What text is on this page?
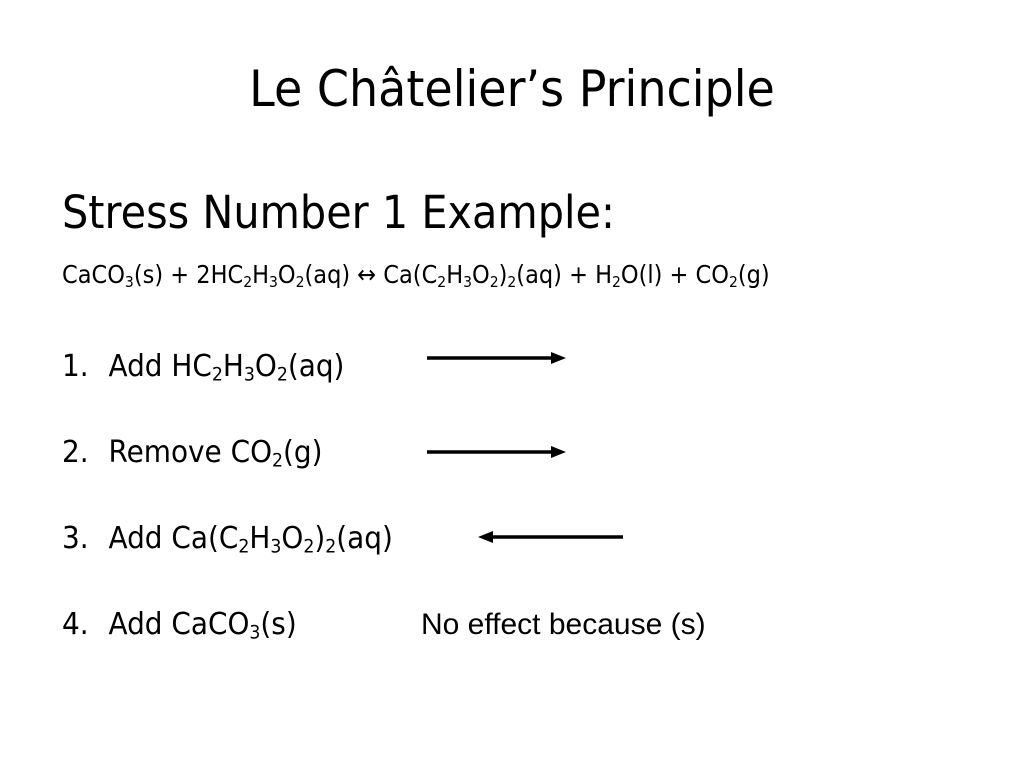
Le Châtelier’s Principle
Stress Number 1 Example:
CaCO$_3$(s) + $2HC_2H_3O_2(aq)$ ↔ $Ca(C_2H_3O_2)_2(aq) + H_2O(l) + CO_2(g)$
1. Add $HC_2H_3O_2(aq)$
2. Remove $CO_2(g)$
3. Add $Ca(C_2H_3O_2)_2(aq)$
4. Add CaCO$_3$(s)	No effect because (s)
